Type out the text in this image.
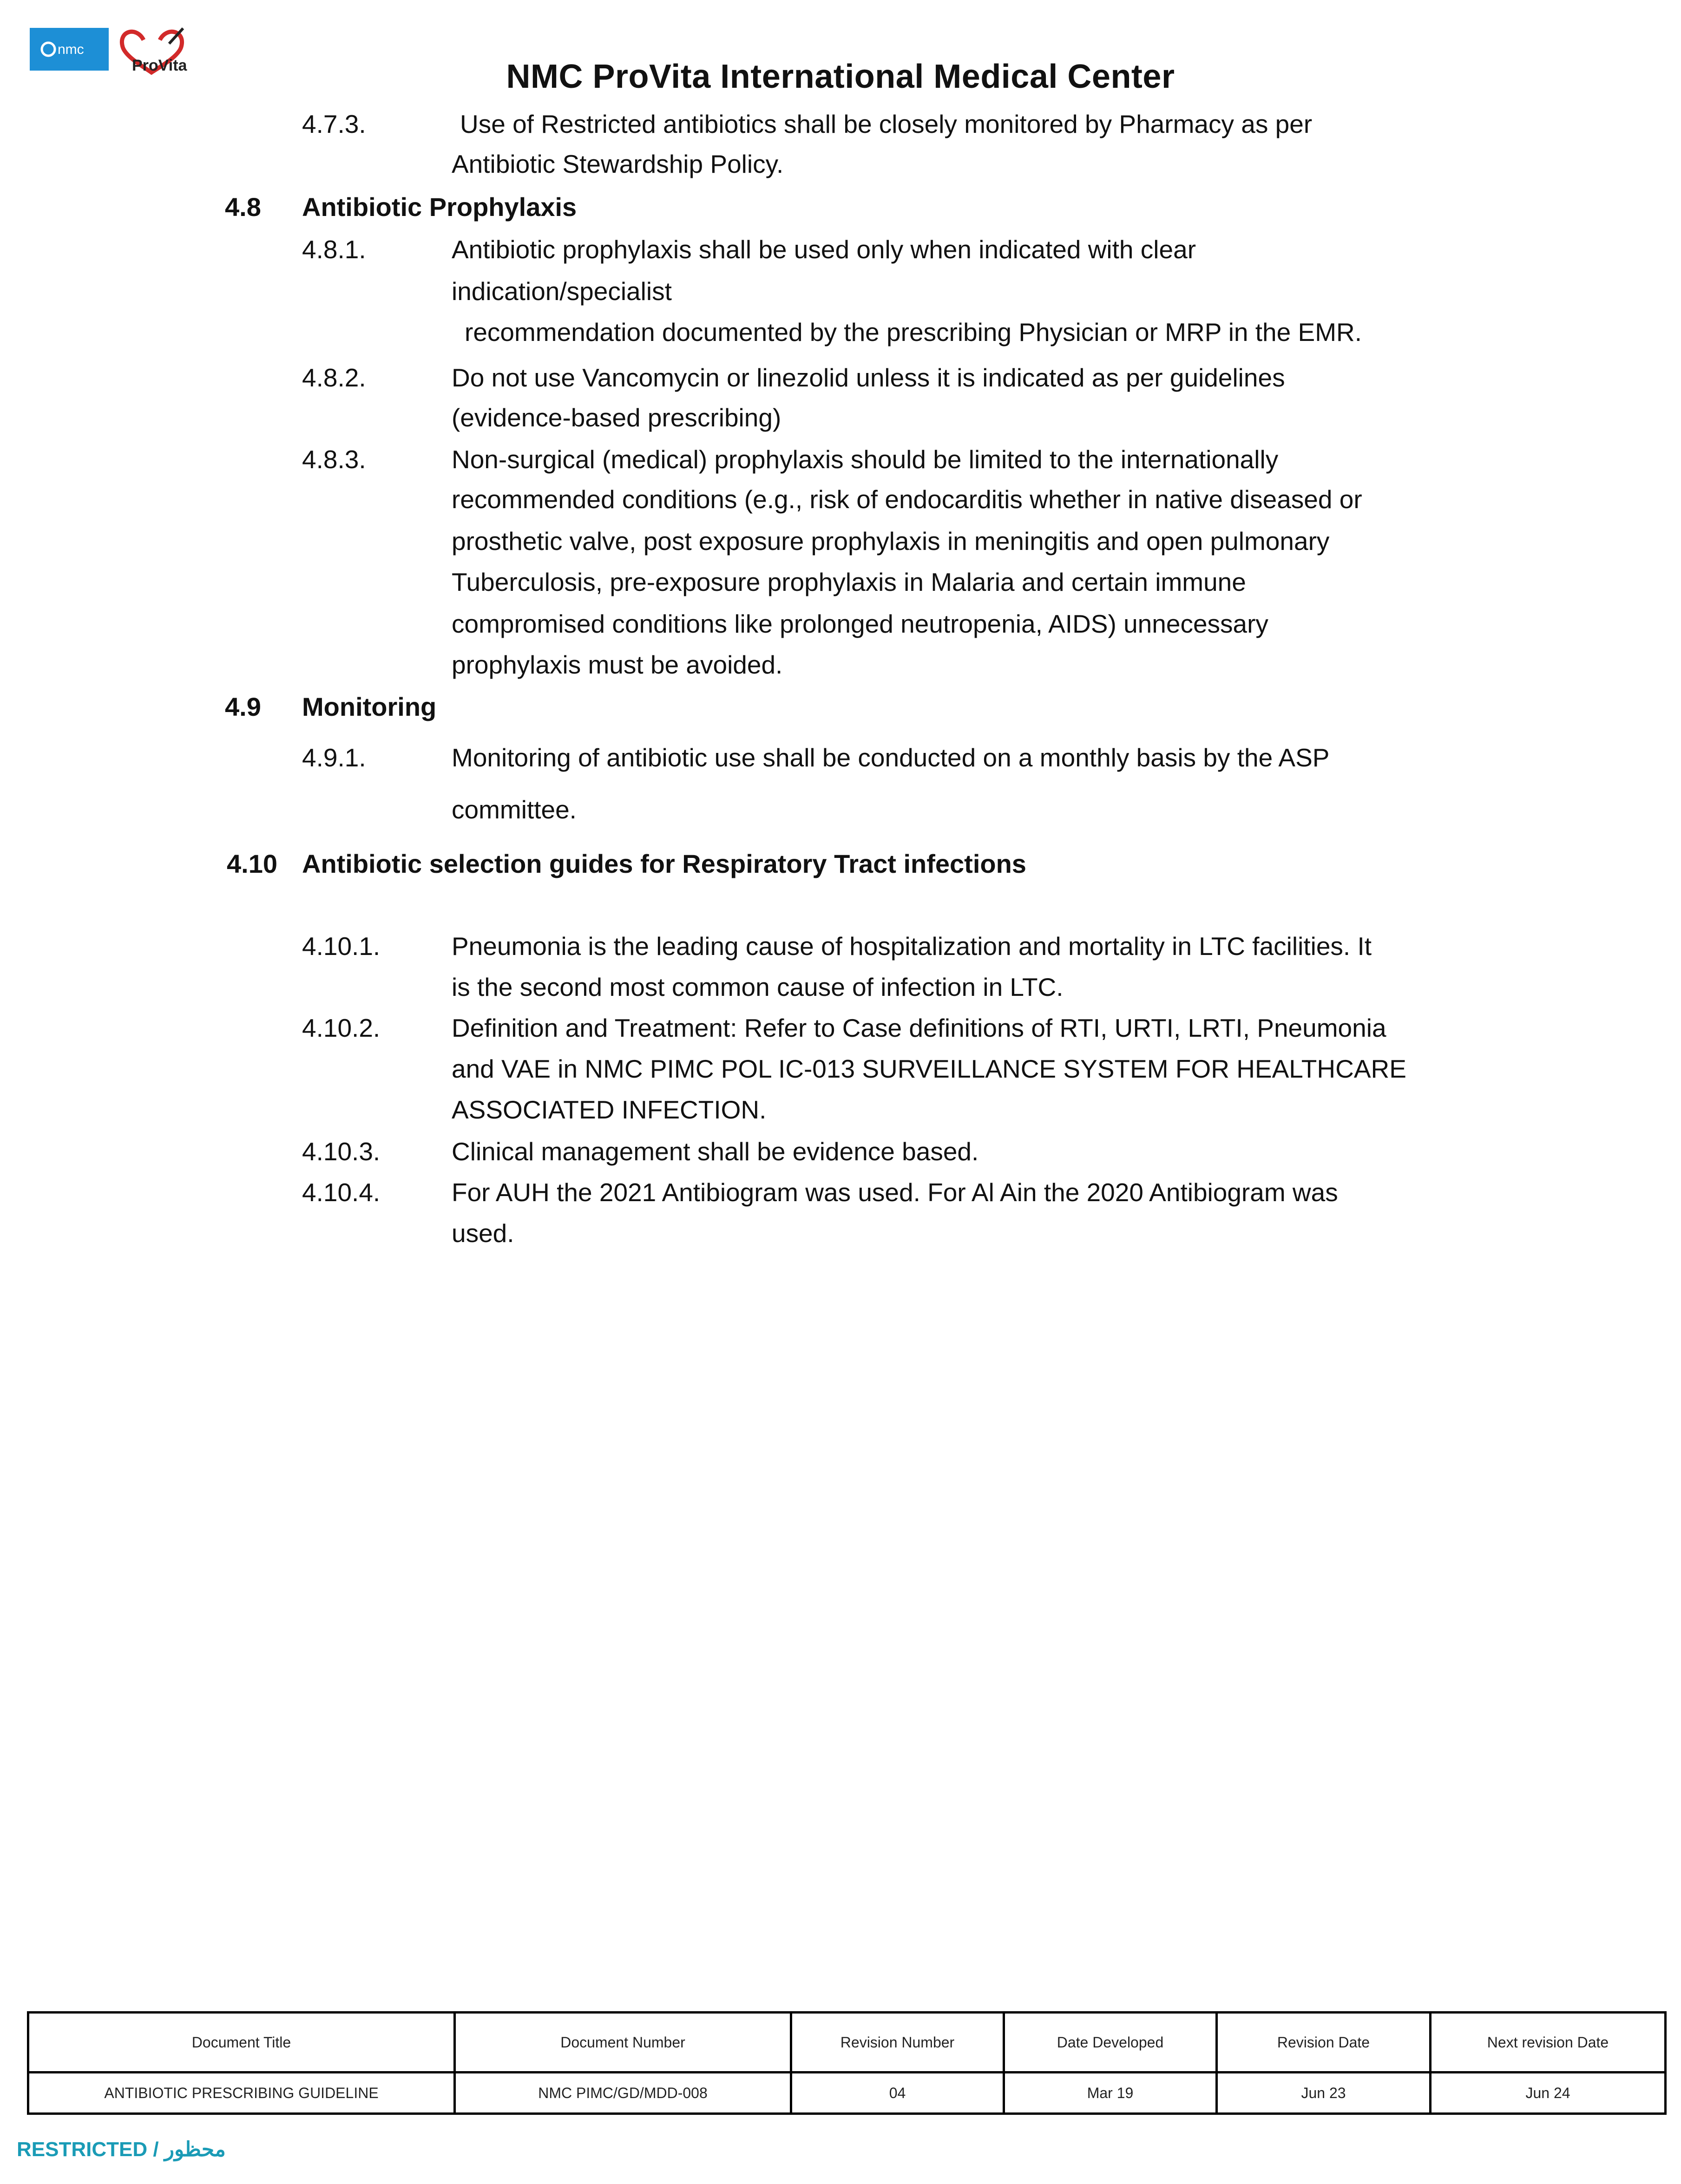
nmc
ProVita	NMC ProVita International Medical Center
4.7.3.	Use of Restricted antibiotics shall be closely monitored by Pharmacy as per
Antibiotic Stewardship Policy.
4.8 Antibiotic Prophylaxis
4.8.1.	Antibiotic prophylaxis shall be used only when indicated with clear
indication/specialist
recommendation documented by the prescribing Physician or MRP in the EMR.
4.8.2.	Do not use Vancomycin or linezolid unless it is indicated as per guidelines
(evidence-based prescribing)
4.8.3.	Non-surgical (medical) prophylaxis should be limited to the internationally
recommended conditions (e.g., risk of endocarditis whether in native diseased or
prosthetic valve, post exposure prophylaxis in meningitis and open pulmonary
Tuberculosis, pre-exposure prophylaxis in Malaria and certain immune
compromised conditions like prolonged neutropenia, AIDS) unnecessary
prophylaxis must be avoided.
4.9 Monitoring
4.9.1.	Monitoring of antibiotic use shall be conducted on a monthly basis by the ASP
committee.
4.10 Antibiotic selection guides for Respiratory Tract infections
4.10.1.	Pneumonia is the leading cause of hospitalization and mortality in LTC facilities. It
is the second most common cause of infection in LTC.
4.10.2.	Definition and Treatment: Refer to Case definitions of RTI, URTI, LRTI, Pneumonia
and VAE in NMC PIMC POL IC-013 SURVEILLANCE SYSTEM FOR HEALTHCARE
ASSOCIATED INFECTION.
4.10.3.	Clinical management shall be evidence based.
4.10.4.	For AUH the 2021 Antibiogram was used. For Al Ain the 2020 Antibiogram was
used.
Document Title	Document Number	Revision Number	Date Developed	Revision Date	Next revision Date
ANTIBIOTIC PRESCRIBING GUIDELINE	NMC PIMC/GD/MDD-008	04	Mar 19	Jun 23	Jun 24
RESTRICTED / محظور
